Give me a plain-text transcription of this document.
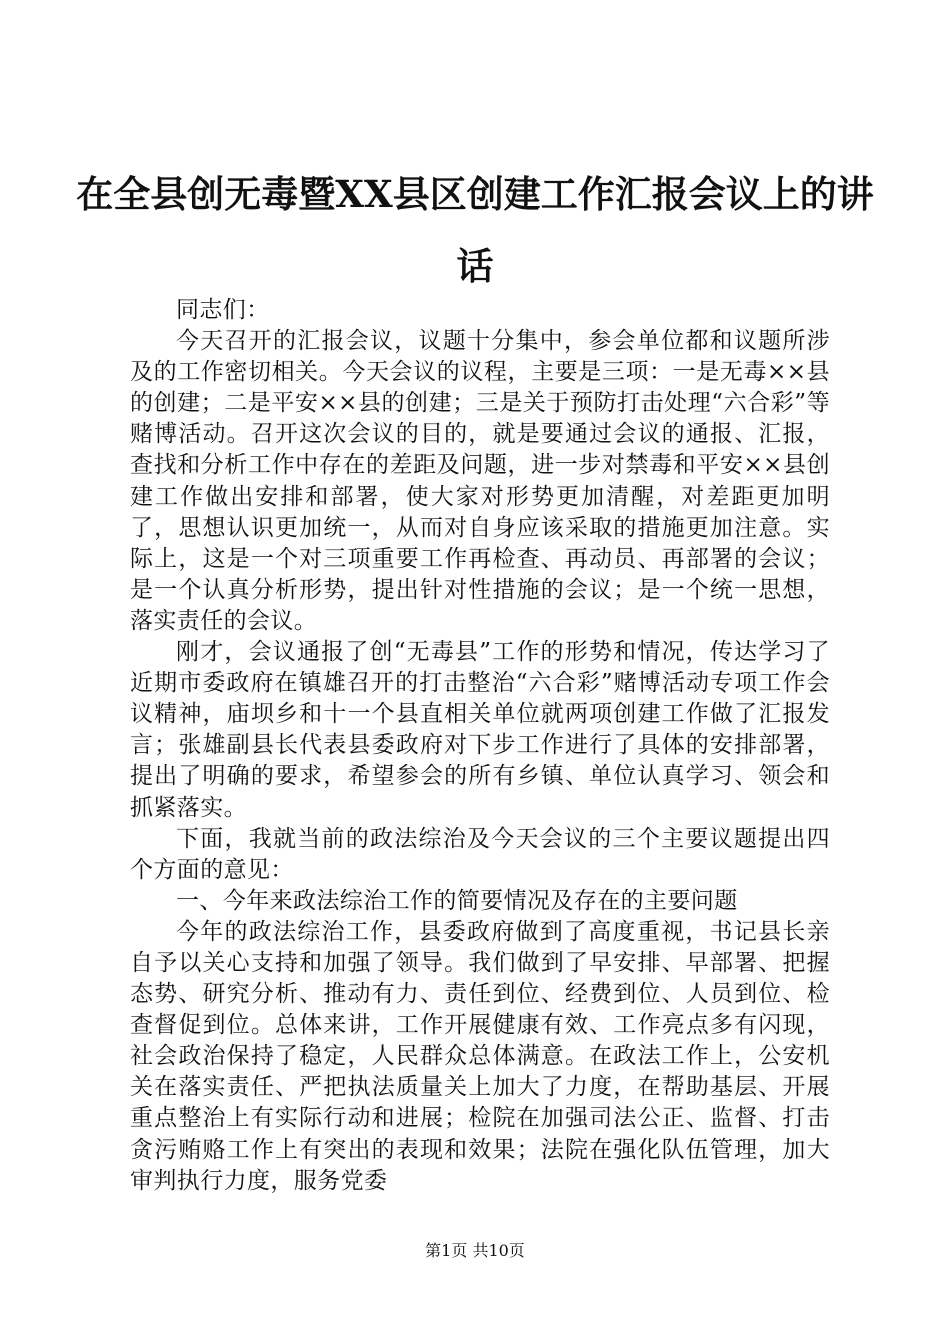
在全县创无毒暨XX县区创建工作汇报会议上的讲话

同志们：

今天召开的汇报会议，议题十分集中，参会单位都和议题所涉及的工作密切相关。今天会议的议程，主要是三项：一是无毒××县的创建；二是平安××县的创建；三是关于预防打击处理“六合彩”等赌博活动。召开这次会议的目的，就是要通过会议的通报、汇报，查找和分析工作中存在的差距及问题，进一步对禁毒和平安××县创建工作做出安排和部署，使大家对形势更加清醒，对差距更加明了，思想认识更加统一，从而对自身应该采取的措施更加注意。实际上，这是一个对三项重要工作再检查、再动员、再部署的会议；是一个认真分析形势，提出针对性措施的会议；是一个统一思想，落实责任的会议。

刚才，会议通报了创“无毒县”工作的形势和情况，传达学习了近期市委政府在镇雄召开的打击整治“六合彩”赌博活动专项工作会议精神，庙坝乡和十一个县直相关单位就两项创建工作做了汇报发言；张雄副县长代表县委政府对下步工作进行了具体的安排部署，提出了明确的要求，希望参会的所有乡镇、单位认真学习、领会和抓紧落实。

下面，我就当前的政法综治及今天会议的三个主要议题提出四个方面的意见：

一、今年来政法综治工作的简要情况及存在的主要问题

今年的政法综治工作，县委政府做到了高度重视，书记县长亲自予以关心支持和加强了领导。我们做到了早安排、早部署、把握态势、研究分析、推动有力、责任到位、经费到位、人员到位、检查督促到位。总体来讲，工作开展健康有效、工作亮点多有闪现，社会政治保持了稳定，人民群众总体满意。在政法工作上，公安机关在落实责任、严把执法质量关上加大了力度，在帮助基层、开展重点整治上有实际行动和进展；检院在加强司法公正、监督、打击贪污贿赂工作上有突出的表现和效果；法院在强化队伍管理，加大审判执行力度，服务党委

第1页 共10页
